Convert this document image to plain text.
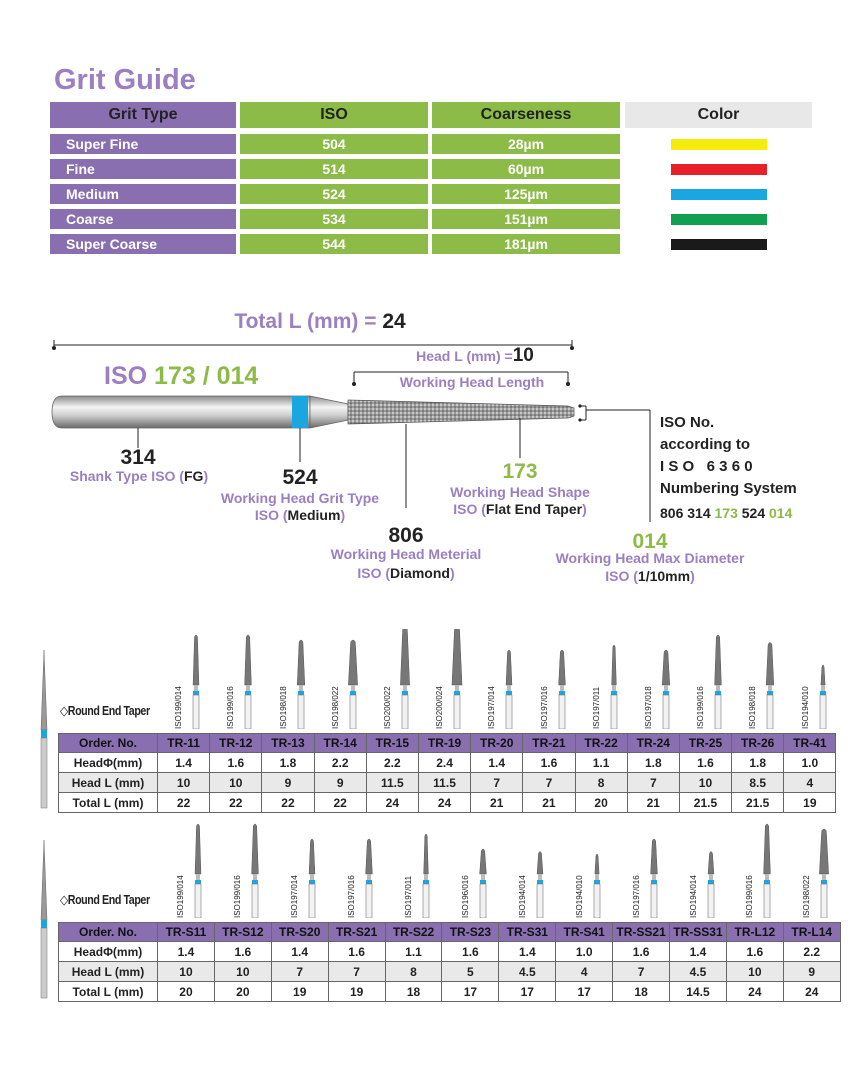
Grit Guide
Grit Type	ISO	Coarseness	Color
Super Fine	504	28µm
Fine	514	60µm
Medium	524	125µm
Coarse	534	151µm
Super Coarse	544	181µm
Total L (mm) = 24
Head L (mm) =10
Working Head Length
ISO 173 / 014
314
Shank Type ISO (FG)	524
Working Head Grit Type
ISO (Medium)
806
Working Head Meterial
ISO (Diamond)
173
Working Head Shape
ISO (Flat End Taper)
014
Working Head Max Diameter
ISO (1/10mm)
ISO No.
according to
I S O   6 3 6 0
Numbering System
806 314 173 524 014
◇Round End Taper	ISO199/014	ISO199/016	ISO198/018	ISO198/022	ISO200/022	ISO200/024	ISO197/014	ISO197/016	ISO197/011	ISO197/018	ISO199/016	ISO198/018	ISO194/010
Order. No.	TR-11	TR-12	TR-13	TR-14	TR-15	TR-19	TR-20	TR-21	TR-22	TR-24	TR-25	TR-26	TR-41
HeadΦ(mm)	1.4	1.6	1.8	2.2	2.2	2.4	1.4	1.6	1.1	1.8	1.6	1.8	1.0
Head L (mm)	10	10	9	9	11.5	11.5	7	7	8	7	10	8.5	4
Total L (mm)	22	22	22	22	24	24	21	21	20	21	21.5	21.5	19
◇Round End Taper	ISO199/014	ISO199/016	ISO197/014	ISO197/016	ISO197/011	ISO196/016	ISO194/014	ISO194/010	ISO197/016	ISO194/014	ISO199/016	ISO198/022
Order. No.	TR-S11	TR-S12	TR-S20	TR-S21	TR-S22	TR-S23	TR-S31	TR-S41 TR-SS21 TR-SS31 TR-L12	TR-L14
HeadΦ(mm)	1.4	1.6	1.4	1.6	1.1	1.6	1.4	1.0	1.6	1.4	1.6	2.2
Head L (mm)	10	10	7	7	8	5	4.5	4	7	4.5	10	9
Total L (mm)	20	20	19	19	18	17	17	17	18	14.5	24	24
